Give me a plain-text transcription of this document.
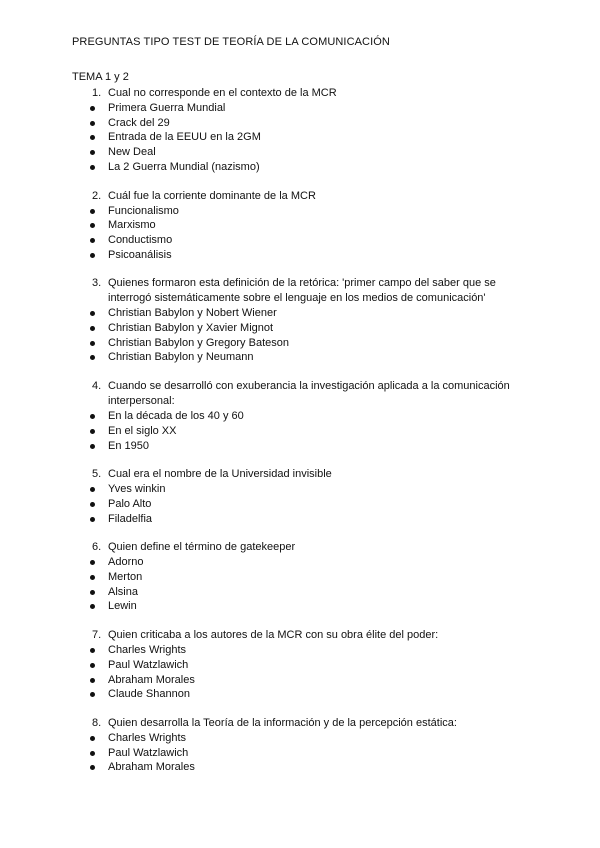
PREGUNTAS TIPO TEST DE TEORÍA DE LA COMUNICACIÓN
TEMA 1 y 2
1. Cual no corresponde en el contexto de la MCR
Primera Guerra Mundial
Crack del 29
Entrada de la EEUU en la 2GM
New Deal
La 2 Guerra Mundial (nazismo)
2. Cuál fue la corriente dominante de la MCR
Funcionalismo
Marxismo
Conductismo
Psicoanálisis
3. Quienes formaron esta definición de la retórica: 'primer campo del saber que se interrogó sistemáticamente sobre el lenguaje en los medios de comunicación'
Christian Babylon y Nobert Wiener
Christian Babylon y Xavier Mignot
Christian Babylon y Gregory Bateson
Christian Babylon y Neumann
4. Cuando se desarrolló con exuberancia la investigación aplicada a la comunicación interpersonal:
En la década de los 40 y 60
En el siglo XX
En 1950
5. Cual era el nombre de la Universidad invisible
Yves winkin
Palo Alto
Filadelfia
6. Quien define el término de gatekeeper
Adorno
Merton
Alsina
Lewin
7. Quien criticaba a los autores de la MCR con su obra élite del poder:
Charles Wrights
Paul Watzlawich
Abraham Morales
Claude Shannon
8. Quien desarrolla la Teoría de la información y de la percepción estática:
Charles Wrights
Paul Watzlawich
Abraham Morales
